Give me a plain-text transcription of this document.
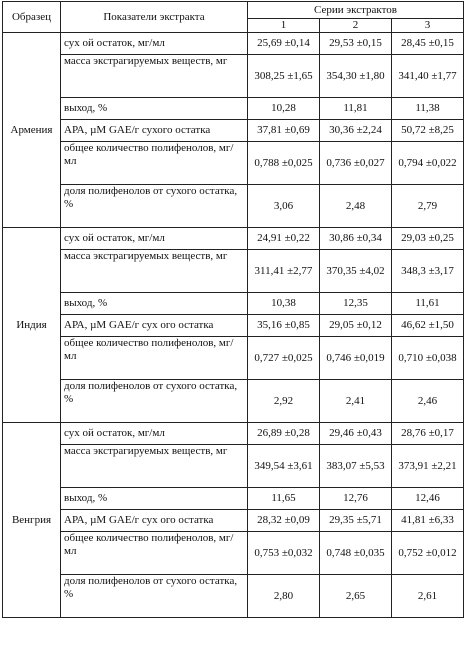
Образец	Показатели экстракта	Серии экстрактов		
		1	2	3
Армения	сух ой остаток, мг/мл	25,69 ±0,14	29,53 ±0,15	28,45 ±0,15
	масса экстрагируемых веществ, мг	308,25 ±1,65	354,30 ±1,80	341,40 ±1,77
	выход, %	10,28	11,81	11,38
	АРА, µM GAE/г сухого остатка	37,81 ±0,69	30,36 ±2,24	50,72 ±8,25
	общее количество полифенолов, мг/мл	0,788 ±0,025	0,736 ±0,027	0,794 ±0,022
	доля полифенолов от сухого остатка, %	3,06	2,48	2,79
Индия	сух ой остаток, мг/мл	24,91 ±0,22	30,86 ±0,34	29,03 ±0,25
	масса экстрагируемых веществ, мг	311,41 ±2,77	370,35 ±4,02	348,3 ±3,17
	выход, %	10,38	12,35	11,61
	АРА, µM GAE/г сух ого остатка	35,16 ±0,85	29,05 ±0,12	46,62 ±1,50
	общее количество полифенолов, мг/мл	0,727 ±0,025	0,746 ±0,019	0,710 ±0,038
	доля полифенолов от сухого остатка, %	2,92	2,41	2,46
Венгрия	сух ой остаток, мг/мл	26,89 ±0,28	29,46 ±0,43	28,76 ±0,17
	масса экстрагируемых веществ, мг	349,54 ±3,61	383,07 ±5,53	373,91 ±2,21
	выход, %	11,65	12,76	12,46
	АРА, µM GAE/г сух ого остатка	28,32 ±0,09	29,35 ±5,71	41,81 ±6,33
	общее количество полифенолов, мг/мл	0,753 ±0,032	0,748 ±0,035	0,752 ±0,012
	доля полифенолов от сухого остатка, %	2,80	2,65	2,61
